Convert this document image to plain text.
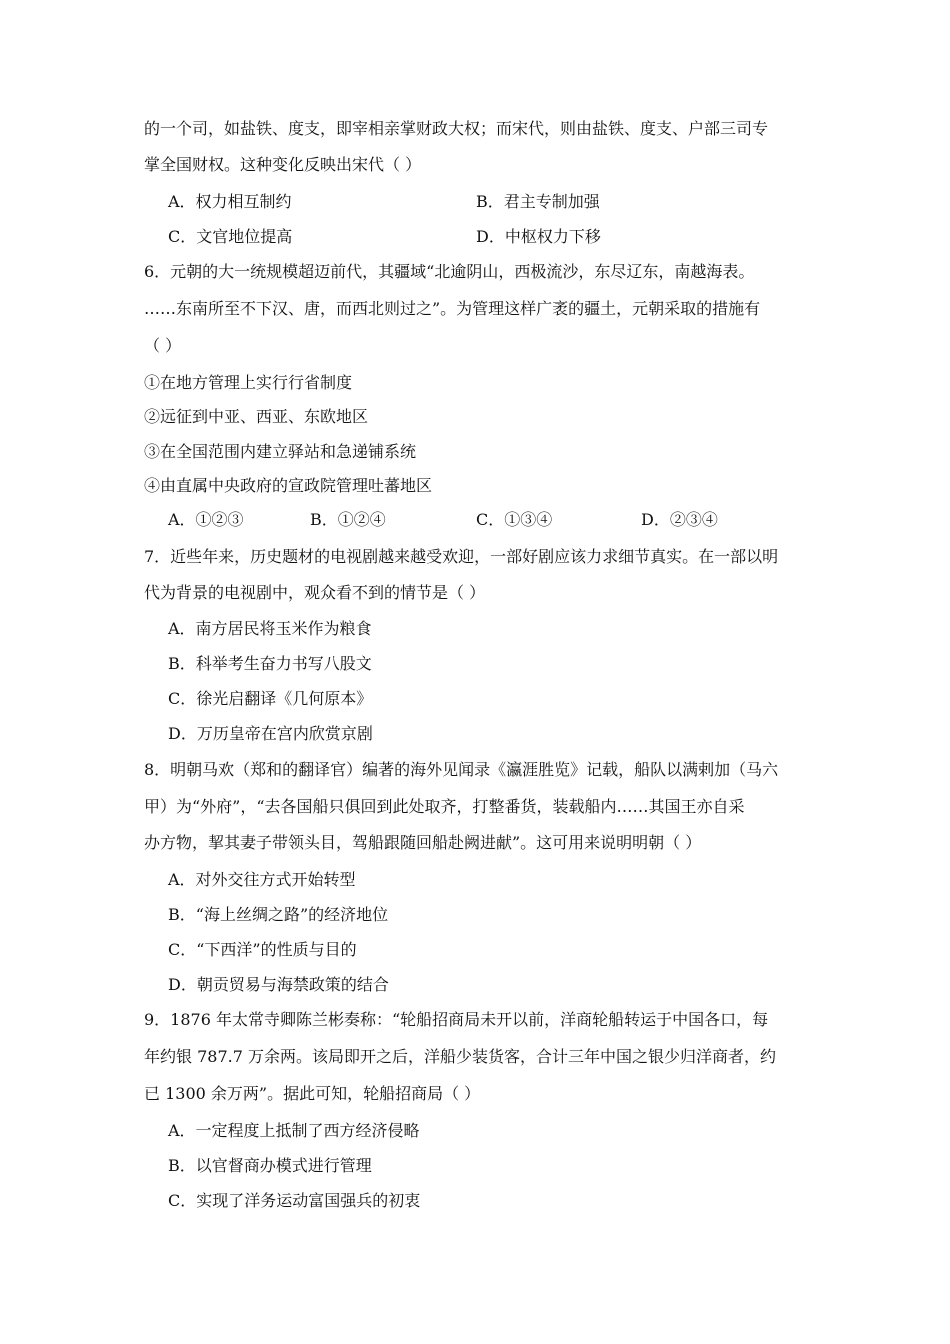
的一个司，如盐铁、度支，即宰相亲掌财政大权；而宋代，则由盐铁、度支、户部三司专
掌全国财权。这种变化反映出宋代（ ）
A．权力相互制约	B．君主专制加强
C．文官地位提高	D．中枢权力下移
6．元朝的大一统规模超迈前代，其疆域“北逾阴山，西极流沙，东尽辽东，南越海表。
……东南所至不下汉、唐，而西北则过之”。为管理这样广袤的疆土，元朝采取的措施有
（ ）
①在地方管理上实行行省制度
②远征到中亚、西亚、东欧地区
③在全国范围内建立驿站和急递铺系统
④由直属中央政府的宣政院管理吐蕃地区
A．①②③	B．①②④	C．①③④	D．②③④
7．近些年来，历史题材的电视剧越来越受欢迎，一部好剧应该力求细节真实。在一部以明
代为背景的电视剧中，观众看不到的情节是（ ）
A．南方居民将玉米作为粮食
B．科举考生奋力书写八股文
C．徐光启翻译《几何原本》
D．万历皇帝在宫内欣赏京剧
8．明朝马欢（郑和的翻译官）编著的海外见闻录《瀛涯胜览》记载，船队以满剌加（马六
甲）为“外府”，“去各国船只俱回到此处取齐，打整番货，装载船内……其国王亦自采
办方物，挈其妻子带领头目，驾船跟随回船赴阙进献”。这可用来说明明朝（ ）
A．对外交往方式开始转型
B．“海上丝绸之路”的经济地位
C．“下西洋”的性质与目的
D．朝贡贸易与海禁政策的结合
9．1876 年太常寺卿陈兰彬奏称：“轮船招商局未开以前，洋商轮船转运于中国各口，每
年约银 787.7 万余两。该局即开之后，洋船少装货客，合计三年中国之银少归洋商者，约
已 1300 余万两”。据此可知，轮船招商局（ ）
A．一定程度上抵制了西方经济侵略
B．以官督商办模式进行管理
C．实现了洋务运动富国强兵的初衷
